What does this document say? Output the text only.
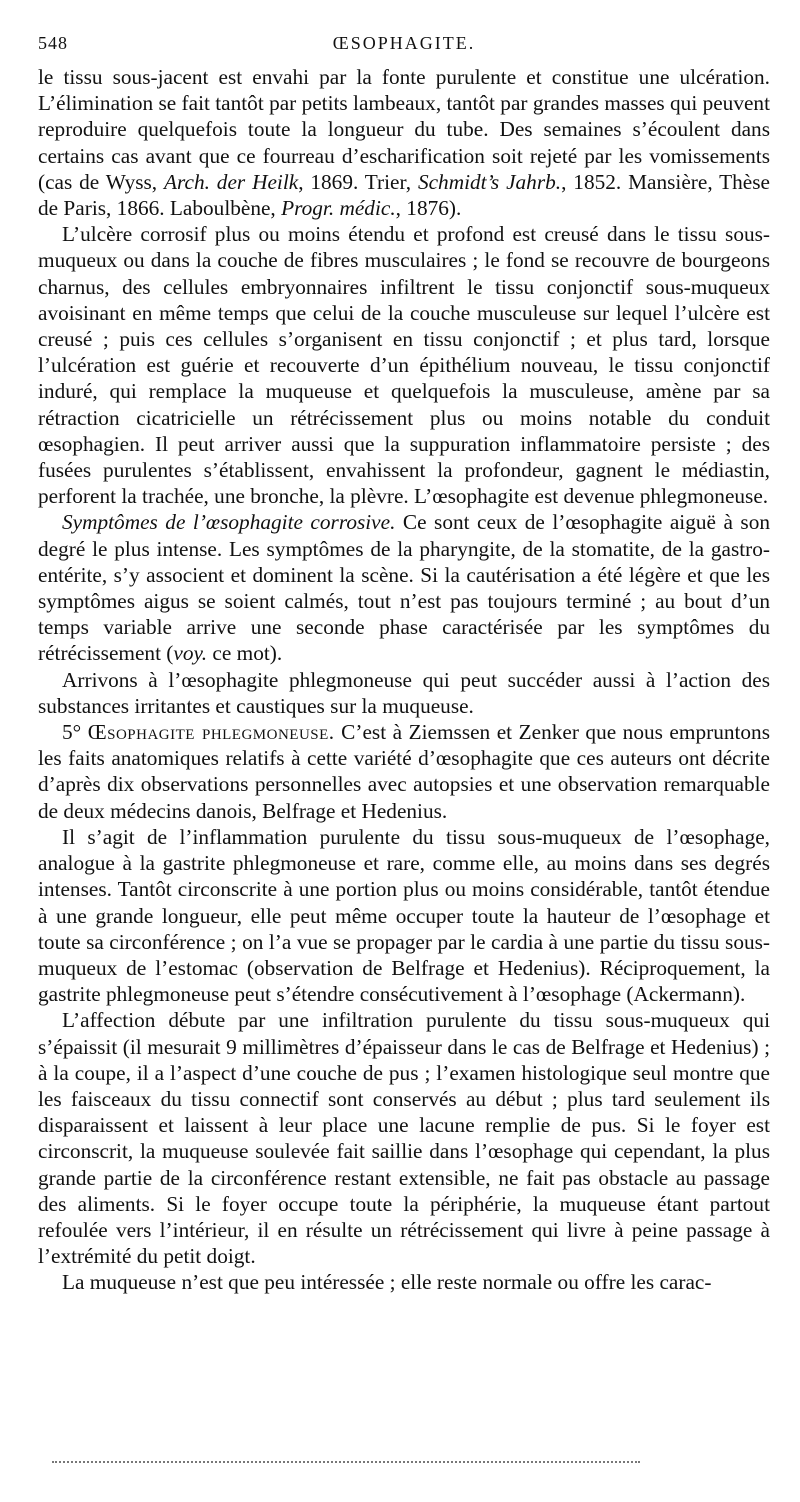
548	ŒSOPHAGITE.

le tissu sous-jacent est envahi par la fonte purulente et constitue une ulcération. L’élimination se fait tantôt par petits lambeaux, tantôt par grandes masses qui peuvent reproduire quelquefois toute la longueur du tube. Des semaines s’écoulent dans certains cas avant que ce fourreau d’escharification soit rejeté par les vomissements (cas de Wyss, Arch. der Heilk, 1869. Trier, Schmidt’s Jahrb., 1852. Mansière, Thèse de Paris, 1866. Laboulbène, Progr. médic., 1876).

L’ulcère corrosif plus ou moins étendu et profond est creusé dans le tissu sous-muqueux ou dans la couche de fibres musculaires ; le fond se recouvre de bourgeons charnus, des cellules embryonnaires infiltrent le tissu conjonctif sous-muqueux avoisinant en même temps que celui de la couche musculeuse sur lequel l’ulcère est creusé ; puis ces cellules s’organisent en tissu conjonctif ; et plus tard, lorsque l’ulcération est guérie et recouverte d’un épithélium nouveau, le tissu conjonctif induré, qui remplace la muqueuse et quelquefois la musculeuse, amène par sa rétraction cicatricielle un rétrécissement plus ou moins notable du conduit œsophagien. Il peut arriver aussi que la suppuration inflammatoire persiste ; des fusées purulentes s’établissent, envahissent la profondeur, gagnent le médiastin, perforent la trachée, une bronche, la plèvre. L’œsophagite est devenue phlegmoneuse.

Symptômes de l’œsophagite corrosive. Ce sont ceux de l’œsophagite aiguë à son degré le plus intense. Les symptômes de la pharyngite, de la stomatite, de la gastro-entérite, s’y associent et dominent la scène. Si la cautérisation a été légère et que les symptômes aigus se soient calmés, tout n’est pas toujours terminé ; au bout d’un temps variable arrive une seconde phase caractérisée par les symptômes du rétrécissement (voy. ce mot).

Arrivons à l’œsophagite phlegmoneuse qui peut succéder aussi à l’action des substances irritantes et caustiques sur la muqueuse.

5° Œsophagite phlegmoneuse. C’est à Ziemssen et Zenker que nous empruntons les faits anatomiques relatifs à cette variété d’œsophagite que ces auteurs ont décrite d’après dix observations personnelles avec autopsies et une observation remarquable de deux médecins danois, Belfrage et Hedenius.

Il s’agit de l’inflammation purulente du tissu sous-muqueux de l’œsophage, analogue à la gastrite phlegmoneuse et rare, comme elle, au moins dans ses degrés intenses. Tantôt circonscrite à une portion plus ou moins considérable, tantôt étendue à une grande longueur, elle peut même occuper toute la hauteur de l’œsophage et toute sa circonférence ; on l’a vue se propager par le cardia à une partie du tissu sous-muqueux de l’estomac (observation de Belfrage et Hedenius). Réciproquement, la gastrite phlegmoneuse peut s’étendre consécutivement à l’œsophage (Ackermann).

L’affection débute par une infiltration purulente du tissu sous-muqueux qui s’épaissit (il mesurait 9 millimètres d’épaisseur dans le cas de Belfrage et Hedenius) ; à la coupe, il a l’aspect d’une couche de pus ; l’examen histologique seul montre que les faisceaux du tissu connectif sont conservés au début ; plus tard seulement ils disparaissent et laissent à leur place une lacune remplie de pus. Si le foyer est circonscrit, la muqueuse soulevée fait saillie dans l’œsophage qui cependant, la plus grande partie de la circonférence restant extensible, ne fait pas obstacle au passage des aliments. Si le foyer occupe toute la périphérie, la muqueuse étant partout refoulée vers l’intérieur, il en résulte un rétrécissement qui livre à peine passage à l’extrémité du petit doigt.

La muqueuse n’est que peu intéressée ; elle reste normale ou offre les carac-
